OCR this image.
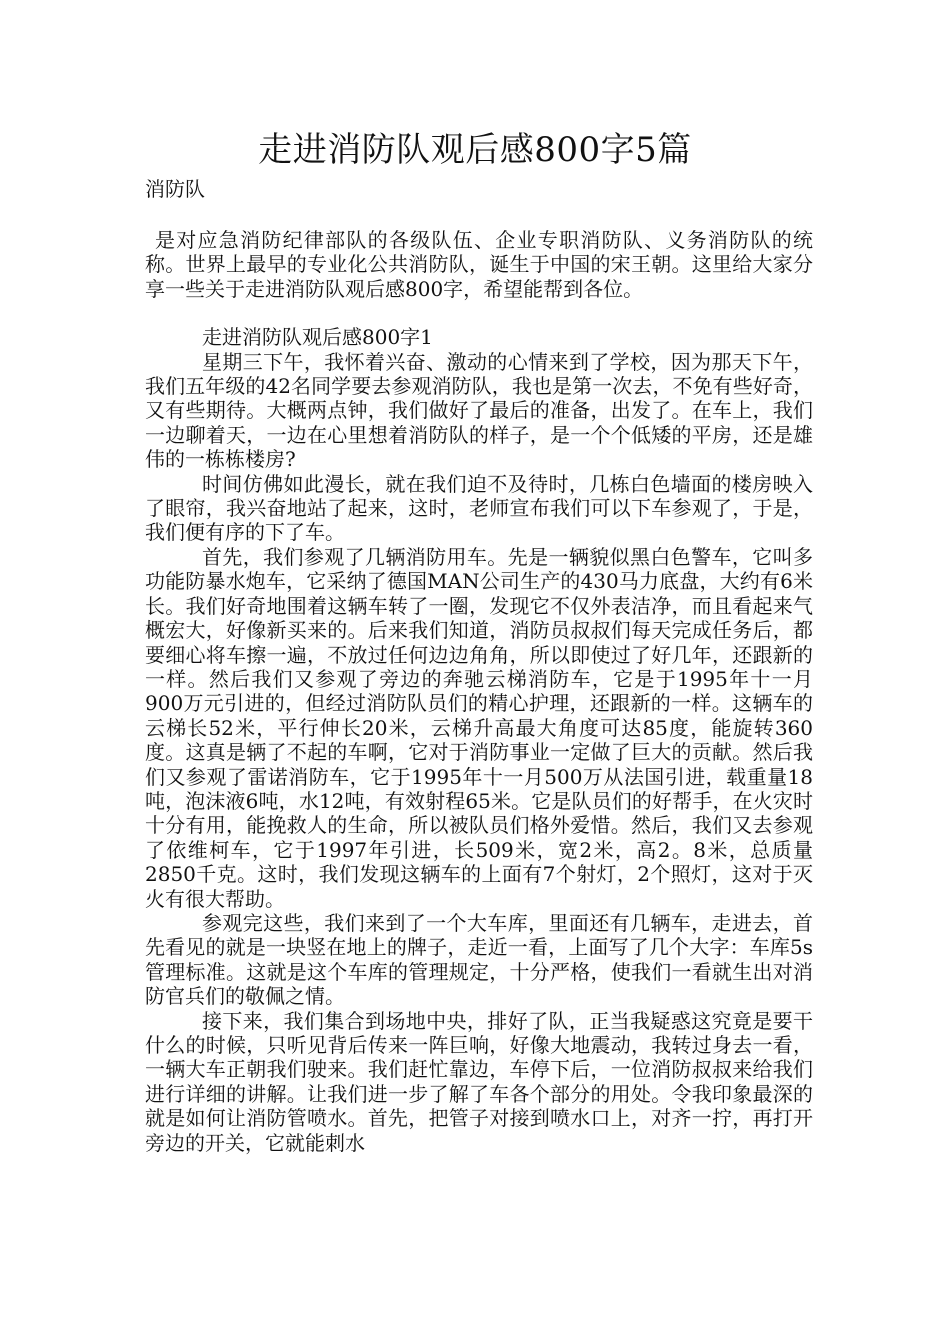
走进消防队观后感800字5篇

消防队

是对应急消防纪律部队的各级队伍、企业专职消防队、义务消防队的统称。世界上最早的专业化公共消防队，诞生于中国的宋王朝。这里给大家分享一些关于走进消防队观后感800字，希望能帮到各位。

走进消防队观后感800字1

星期三下午，我怀着兴奋、激动的心情来到了学校，因为那天下午，我们五年级的42名同学要去参观消防队，我也是第一次去，不免有些好奇，又有些期待。大概两点钟，我们做好了最后的准备，出发了。在车上，我们一边聊着天，一边在心里想着消防队的样子，是一个个低矮的平房，还是雄伟的一栋栋楼房?

时间仿佛如此漫长，就在我们迫不及待时，几栋白色墙面的楼房映入了眼帘，我兴奋地站了起来，这时，老师宣布我们可以下车参观了，于是，我们便有序的下了车。

首先，我们参观了几辆消防用车。先是一辆貌似黑白色警车，它叫多功能防暴水炮车，它采纳了德国MAN公司生产的430马力底盘，大约有6米长。我们好奇地围着这辆车转了一圈，发现它不仅外表洁净，而且看起来气概宏大，好像新买来的。后来我们知道，消防员叔叔们每天完成任务后，都要细心将车擦一遍，不放过任何边边角角，所以即使过了好几年，还跟新的一样。然后我们又参观了旁边的奔驰云梯消防车，它是于1995年十一月900万元引进的，但经过消防队员们的精心护理，还跟新的一样。这辆车的云梯长52米，平行伸长20米，云梯升高最大角度可达85度，能旋转360度。这真是辆了不起的车啊，它对于消防事业一定做了巨大的贡献。然后我们又参观了雷诺消防车，它于1995年十一月500万从法国引进，载重量18吨，泡沫液6吨，水12吨，有效射程65米。它是队员们的好帮手，在火灾时十分有用，能挽救人的生命，所以被队员们格外爱惜。然后，我们又去参观了依维柯车，它于1997年引进，长509米，宽2米，高2。8米，总质量2850千克。这时，我们发现这辆车的上面有7个射灯，2个照灯，这对于灭火有很大帮助。

参观完这些，我们来到了一个大车库，里面还有几辆车，走进去，首先看见的就是一块竖在地上的牌子，走近一看，上面写了几个大字：车库5s管理标准。这就是这个车库的管理规定，十分严格，使我们一看就生出对消防官兵们的敬佩之情。

接下来，我们集合到场地中央，排好了队，正当我疑惑这究竟是要干什么的时候，只听见背后传来一阵巨响，好像大地震动，我转过身去一看，一辆大车正朝我们驶来。我们赶忙靠边，车停下后，一位消防叔叔来给我们进行详细的讲解。让我们进一步了解了车各个部分的用处。令我印象最深的就是如何让消防管喷水。首先，把管子对接到喷水口上，对齐一拧，再打开旁边的开关，它就能刺水
